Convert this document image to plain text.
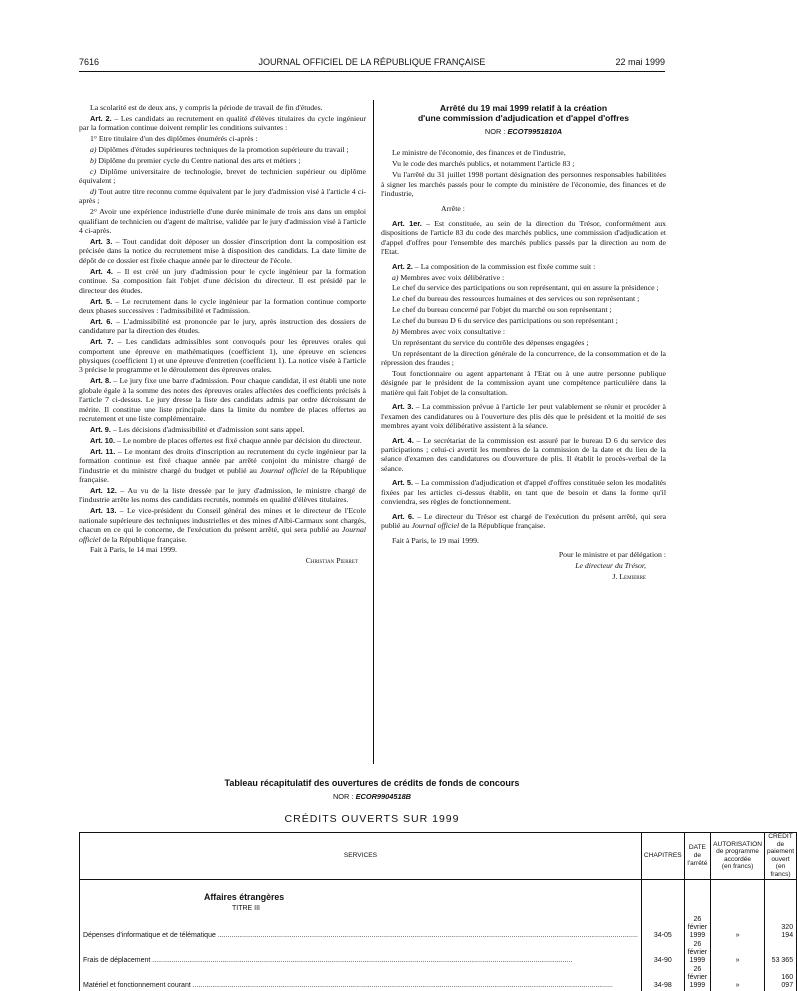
7616	JOURNAL OFFICIEL DE LA RÉPUBLIQUE FRANÇAISE	22 mai 1999

La scolarité est de deux ans, y compris la période de travail de fin d'études.

Art. 2. – Les candidats au recrutement en qualité d'élèves titulaires du cycle ingénieur par la formation continue doivent remplir les conditions suivantes :

1° Etre titulaire d'un des diplômes énumérés ci-après :

a) Diplômes d'études supérieures techniques de la promotion supérieure du travail ;

b) Diplôme du premier cycle du Centre national des arts et métiers ;

c) Diplôme universitaire de technologie, brevet de technicien supérieur ou diplôme équivalent ;

d) Tout autre titre reconnu comme équivalent par le jury d'admission visé à l'article 4 ci-après ;

2° Avoir une expérience industrielle d'une durée minimale de trois ans dans un emploi qualifiant de technicien ou d'agent de maîtrise, validée par le jury d'admission visé à l'article 4 ci-après.

Art. 3. – Tout candidat doit déposer un dossier d'inscription dont la composition est précisée dans la notice du recrutement mise à disposition des candidats. La date limite de dépôt de ce dossier est fixée chaque année par le directeur de l'école.

Art. 4. – Il est créé un jury d'admission pour le cycle ingénieur par la formation continue. Sa composition fait l'objet d'une décision du directeur. Il est présidé par le directeur des études.

Art. 5. – Le recrutement dans le cycle ingénieur par la formation continue comporte deux phases successives : l'admissibilité et l'admission.

Art. 6. – L'admissibilité est prononcée par le jury, après instruction des dossiers de candidature par la direction des études.

Art. 7. – Les candidats admissibles sont convoqués pour les épreuves orales qui comportent une épreuve en mathématiques (coefficient 1), une épreuve en sciences physiques (coefficient 1) et une épreuve d'entretien (coefficient 1). La notice visée à l'article 3 précise le programme et le déroulement des épreuves orales.

Art. 8. – Le jury fixe une barre d'admission. Pour chaque candidat, il est établi une note globale égale à la somme des notes des épreuves orales affectées des coefficients précisés à l'article 7 ci-dessus. Le jury dresse la liste des candidats admis par ordre décroissant de mérite. Il constitue une liste principale dans la limite du nombre de places offertes au recrutement et une liste complémentaire.

Art. 9. – Les décisions d'admissibilité et d'admission sont sans appel.

Art. 10. – Le nombre de places offertes est fixé chaque année par décision du directeur.

Art. 11. – Le montant des droits d'inscription au recrutement du cycle ingénieur par la formation continue est fixé chaque année par arrêté conjoint du ministre chargé de l'industrie et du ministre chargé du budget et publié au Journal officiel de la République française.

Art. 12. – Au vu de la liste dressée par le jury d'admission, le ministre chargé de l'industrie arrête les noms des candidats recrutés, nommés en qualité d'élèves titulaires.

Art. 13. – Le vice-président du Conseil général des mines et le directeur de l'Ecole nationale supérieure des techniques industrielles et des mines d'Albi-Carmaux sont chargés, chacun en ce qui le concerne, de l'exécution du présent arrêté, qui sera publié au Journal officiel de la République française.

Fait à Paris, le 14 mai 1999.

Christian Pierret

Arrêté du 19 mai 1999 relatif à la création
d'une commission d'adjudication et d'appel d'offres

NOR : ECOT9951810A

Le ministre de l'économie, des finances et de l'industrie,

Vu le code des marchés publics, et notamment l'article 83 ;

Vu l'arrêté du 31 juillet 1998 portant désignation des personnes responsables habilitées à signer les marchés passés pour le compte du ministère de l'économie, des finances et de l'industrie,

Arrête :

Art. 1er. – Est constituée, au sein de la direction du Trésor, conformément aux dispositions de l'article 83 du code des marchés publics, une commission d'adjudication et d'appel d'offres pour l'ensemble des marchés publics passés par la direction au nom de l'Etat.

Art. 2. – La composition de la commission est fixée comme suit :

a) Membres avec voix délibérative :

Le chef du service des participations ou son représentant, qui en assure la présidence ;

Le chef du bureau des ressources humaines et des services ou son représentant ;

Le chef du bureau concerné par l'objet du marché ou son représentant ;

Le chef du bureau D 6 du service des participations ou son représentant ;

b) Membres avec voix consultative :

Un représentant du service du contrôle des dépenses engagées ;

Un représentant de la direction générale de la concurrence, de la consommation et de la répression des fraudes ;

Tout fonctionnaire ou agent appartenant à l'Etat ou à une autre personne publique désignée par le président de la commission ayant une compétence particulière dans la matière qui fait l'objet de la consultation.

Art. 3. – La commission prévue à l'article 1er peut valablement se réunir et procéder à l'examen des candidatures ou à l'ouverture des plis dès que le président et la moitié de ses membres ayant voix délibérative assistent à la séance.

Art. 4. – Le secrétariat de la commission est assuré par le bureau D 6 du service des participations ; celui-ci avertit les membres de la commission de la date et du lieu de la séance d'examen des candidatures ou d'ouverture de plis. Il établit le procès-verbal de la séance.

Art. 5. – La commission d'adjudication et d'appel d'offres constituée selon les modalités fixées par les articles ci-dessus établit, en tant que de besoin et dans la forme qu'il conviendra, ses règles de fonctionnement.

Art. 6. – Le directeur du Trésor est chargé de l'exécution du présent arrêté, qui sera publié au Journal officiel de la République française.

Fait à Paris, le 19 mai 1999.

Pour le ministre et par délégation :

Le directeur du Trésor,

J. Lemierre

Tableau récapitulatif des ouvertures de crédits de fonds de concours
NOR : ECOR9904518B
CRÉDITS OUVERTS SUR 1999
SERVICES	CHAPITRES	DATE
de l'arrêté	AUTORISATION
de programme
accordée
(en francs)	CRÉDIT
de paiement
ouvert
(en francs)
Affaires étrangères				
TITRE III				
Dépenses d'informatique et de télématique .....	34-05	26 février 1999	»	320 194
Frais de déplacement .....	34-90	26 février 1999	»	53 365
Matériel et fonctionnement courant .....	34-98	26 février 1999	»	160 097
